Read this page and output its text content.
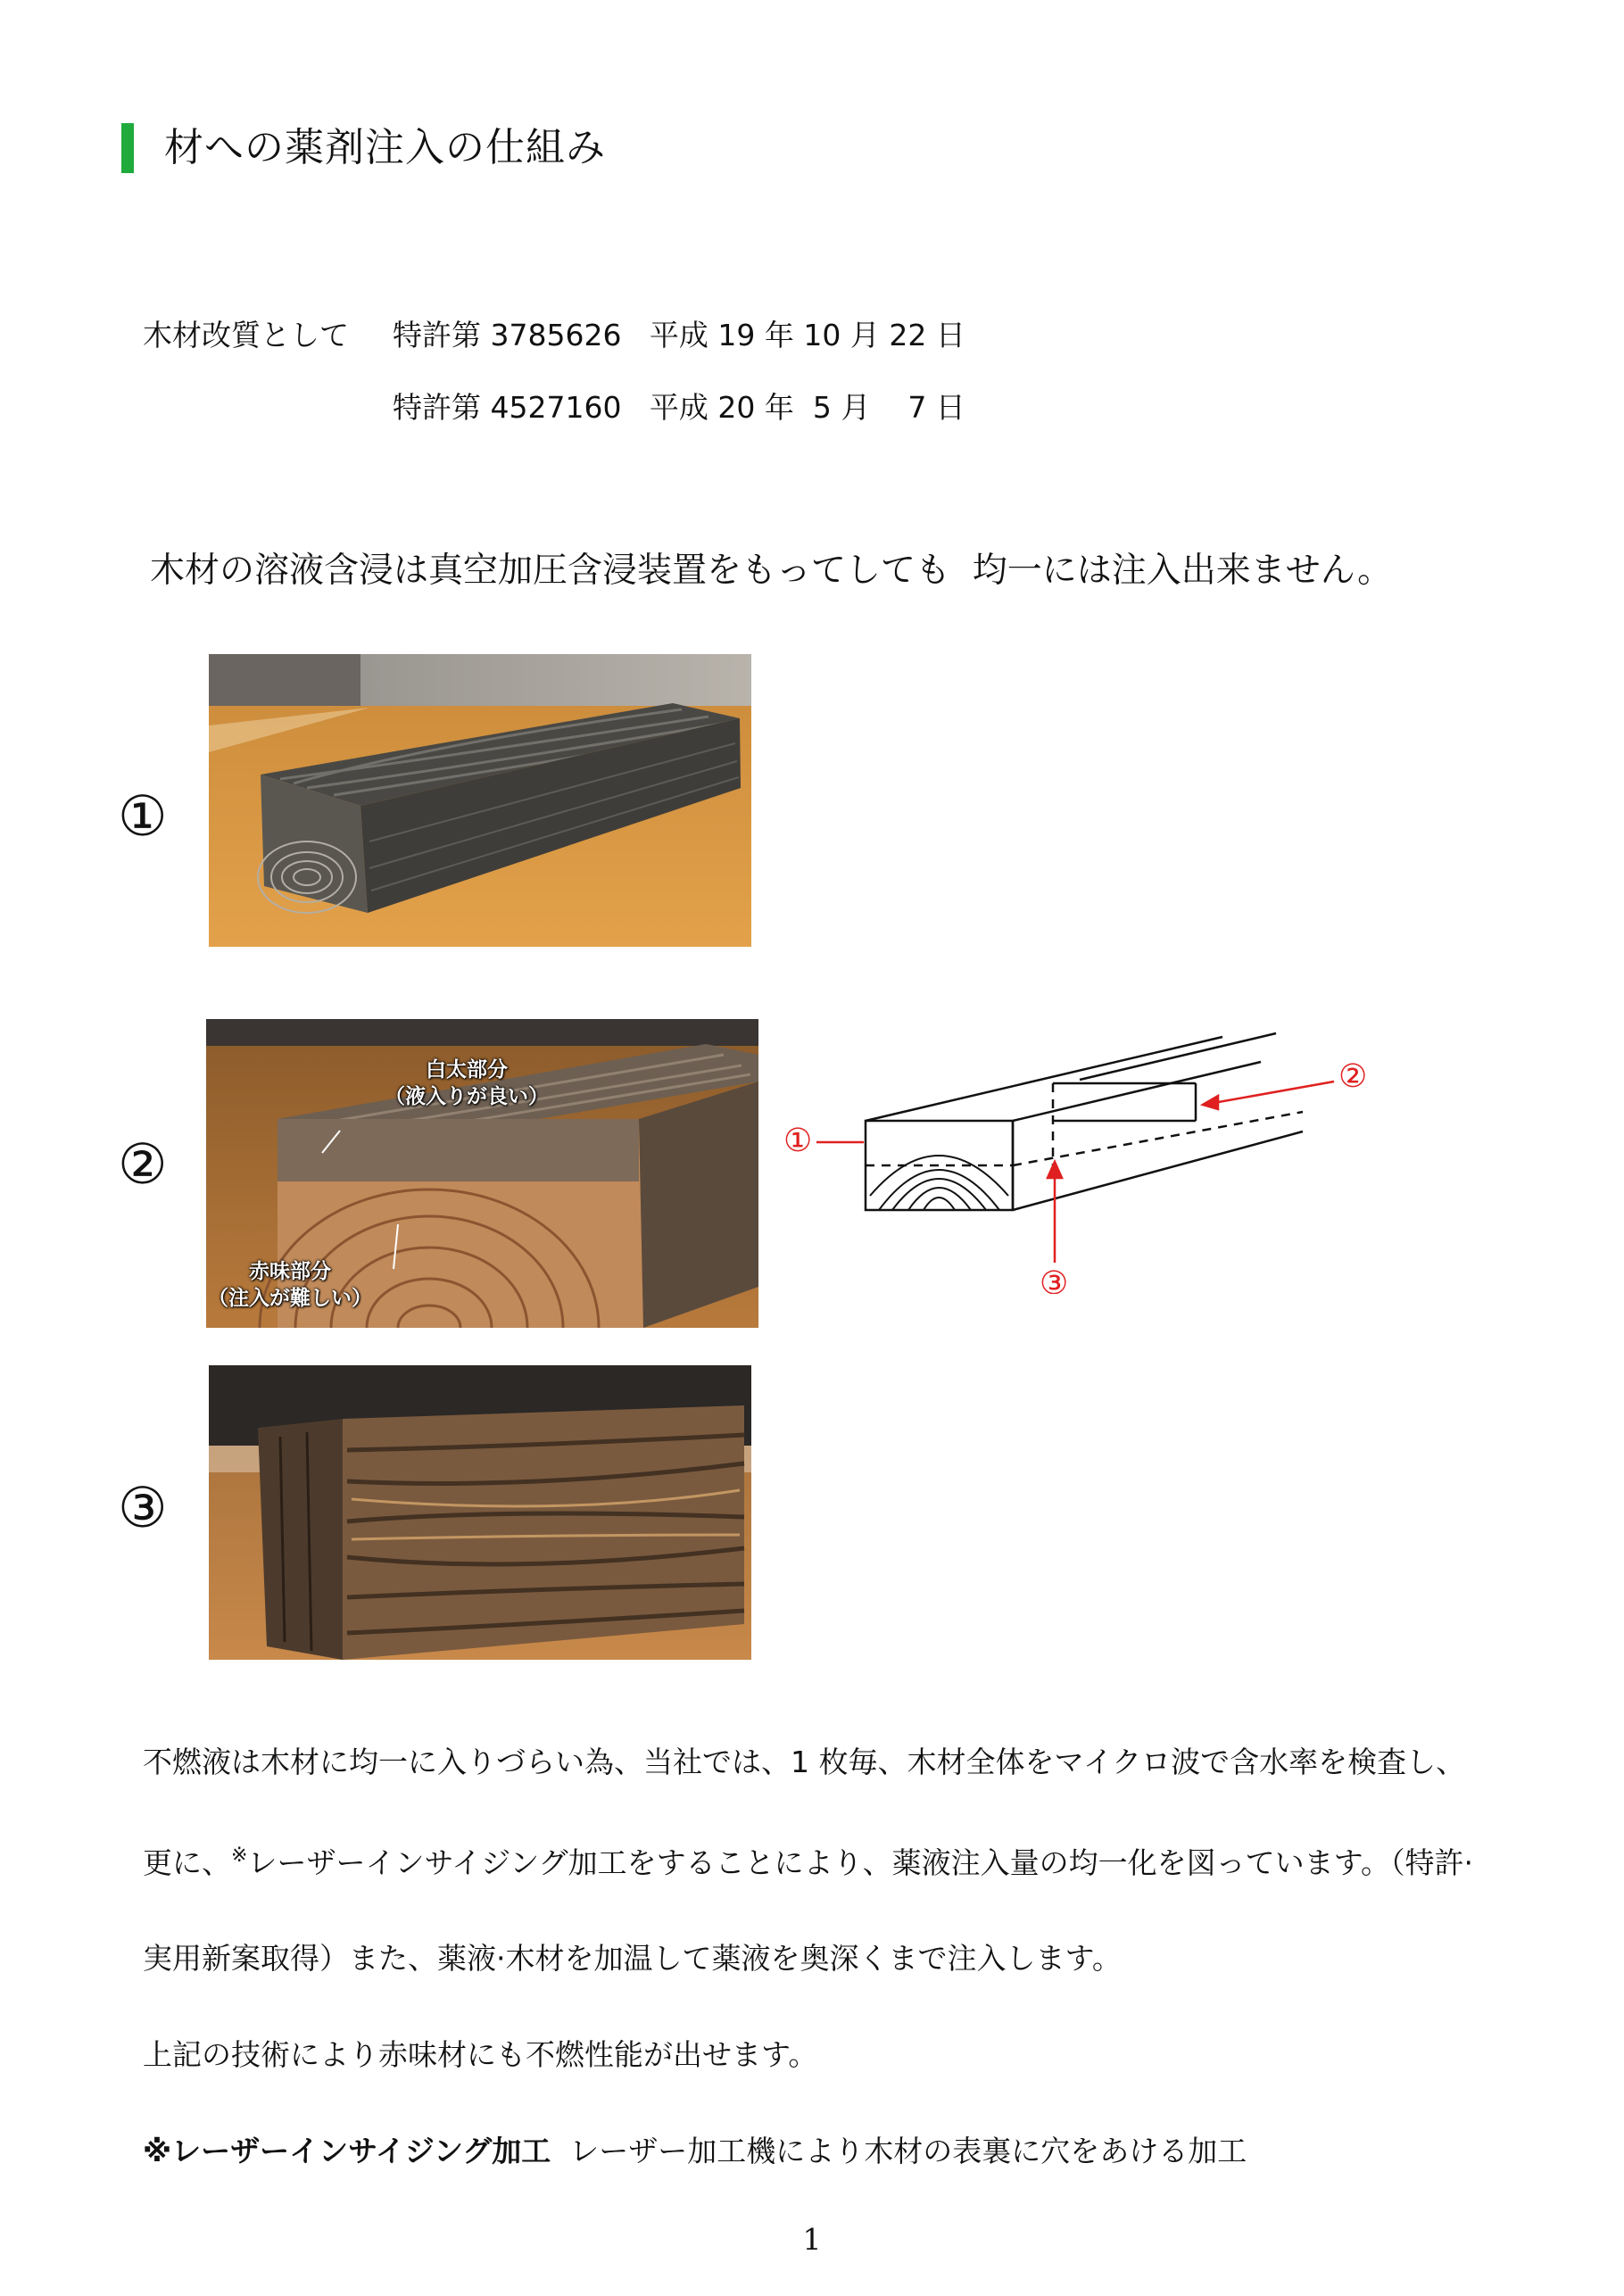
材への薬剤注入の仕組み
木材改質として 特許第 3785626   平成 19 年 10 月 22 日
特許第 4527160   平成 20 年  5 月    7 日
木材の溶液含浸は真空加圧含浸装置をもってしても  均一には注入出来ません。
①
②
白太部分
（液入りが良い）
赤味部分
（注入が難しい）
①
②
③
③
不燃液は木材に均一に入りづらい為、当社では、1 枚毎、木材全体をマイクロ波で含水率を検査し、
更に、※レーザーインサイジング加工をすることにより、薬液注入量の均一化を図っています。（特許·
実用新案取得）また、薬液·木材を加温して薬液を奥深くまで注入します。
上記の技術により赤味材にも不燃性能が出せます。
※レーザーインサイジング加工  レーザー加工機により木材の表裏に穴をあける加工
1
